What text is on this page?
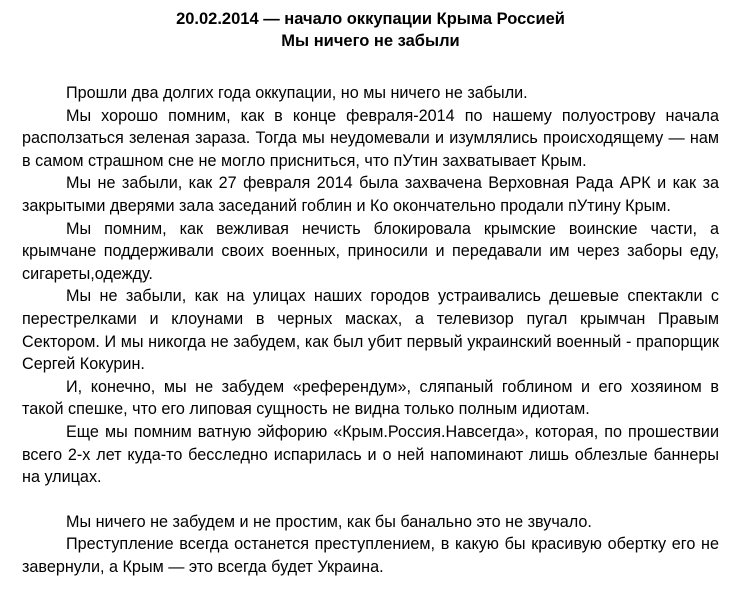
20.02.2014 — начало оккупации Крыма Россией

Мы ничего не забыли

Прошли два долгих года оккупации, но мы ничего не забыли.

Мы хорошо помним, как в конце февраля-2014 по нашему полуострову начала расползаться зеленая зараза. Тогда мы неудомевали и изумлялись происходящему — нам в самом страшном сне не могло присниться, что пУтин захватывает Крым.

Мы не забыли, как 27 февраля 2014 была захвачена Верховная Рада АРК и как за закрытыми дверями зала заседаний гоблин и Ко окончательно продали пУтину Крым.

Мы помним, как вежливая нечисть блокировала крымские воинские части, а крымчане поддерживали своих военных, приносили и передавали им через заборы еду, сигареты,одежду.

Мы не забыли, как на улицах наших городов устраивались дешевые спектакли с перестрелками и клоунами в черных масках, а телевизор пугал крымчан Правым Сектором. И мы никогда не забудем, как был убит первый украинский военный - прапорщик Сергей Кокурин.

И, конечно, мы не забудем «референдум», сляпаный гоблином и его хозяином в такой спешке, что его липовая сущность не видна только полным идиотам.

Еще мы помним ватную эйфорию «Крым.Россия.Навсегда», которая, по прошествии всего 2-х лет куда-то бесследно испарилась и о ней напоминают лишь облезлые баннеры на улицах.

Мы ничего не забудем и не простим, как бы банально это не звучало.

Преступление всегда останется преступлением, в какую бы красивую обертку его не завернули, а Крым — это всегда будет Украина.
